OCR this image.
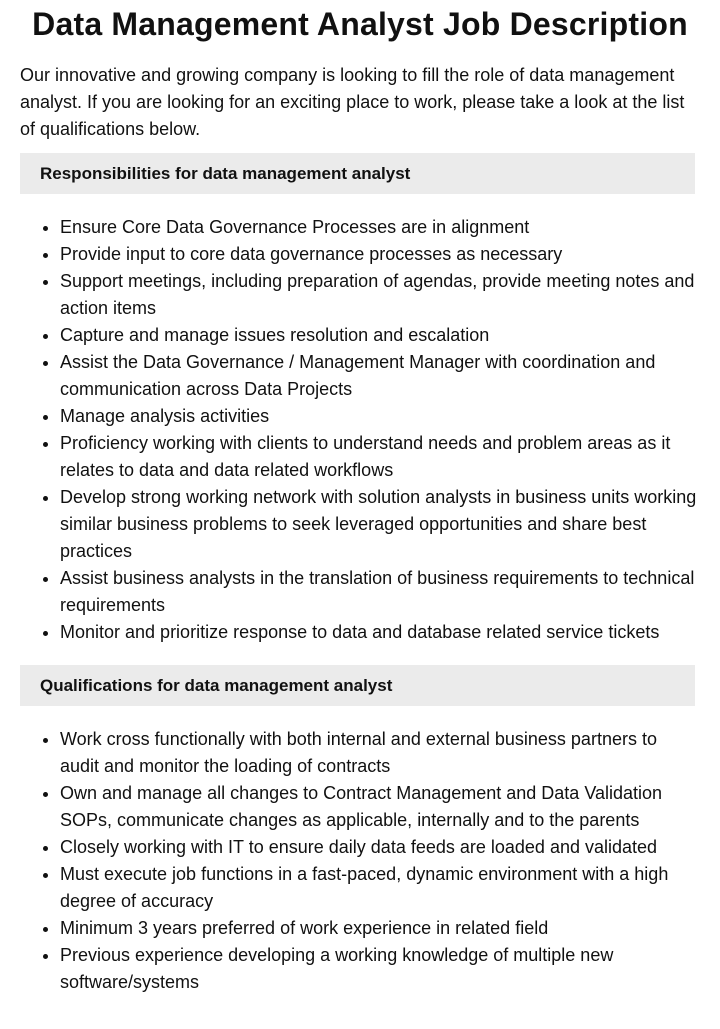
Data Management Analyst Job Description

Our innovative and growing company is looking to fill the role of data management analyst. If you are looking for an exciting place to work, please take a look at the list of qualifications below.

Responsibilities for data management analyst
• Ensure Core Data Governance Processes are in alignment
• Provide input to core data governance processes as necessary
• Support meetings, including preparation of agendas, provide meeting notes and action items
• Capture and manage issues resolution and escalation
• Assist the Data Governance / Management Manager with coordination and communication across Data Projects
• Manage analysis activities
• Proficiency working with clients to understand needs and problem areas as it relates to data and data related workflows
• Develop strong working network with solution analysts in business units working similar business problems to seek leveraged opportunities and share best practices
• Assist business analysts in the translation of business requirements to technical requirements
• Monitor and prioritize response to data and database related service tickets
Qualifications for data management analyst
• Work cross functionally with both internal and external business partners to audit and monitor the loading of contracts
• Own and manage all changes to Contract Management and Data Validation SOPs, communicate changes as applicable, internally and to the parents
• Closely working with IT to ensure daily data feeds are loaded and validated
• Must execute job functions in a fast-paced, dynamic environment with a high degree of accuracy
• Minimum 3 years preferred of work experience in related field
• Previous experience developing a working knowledge of multiple new software/systems
